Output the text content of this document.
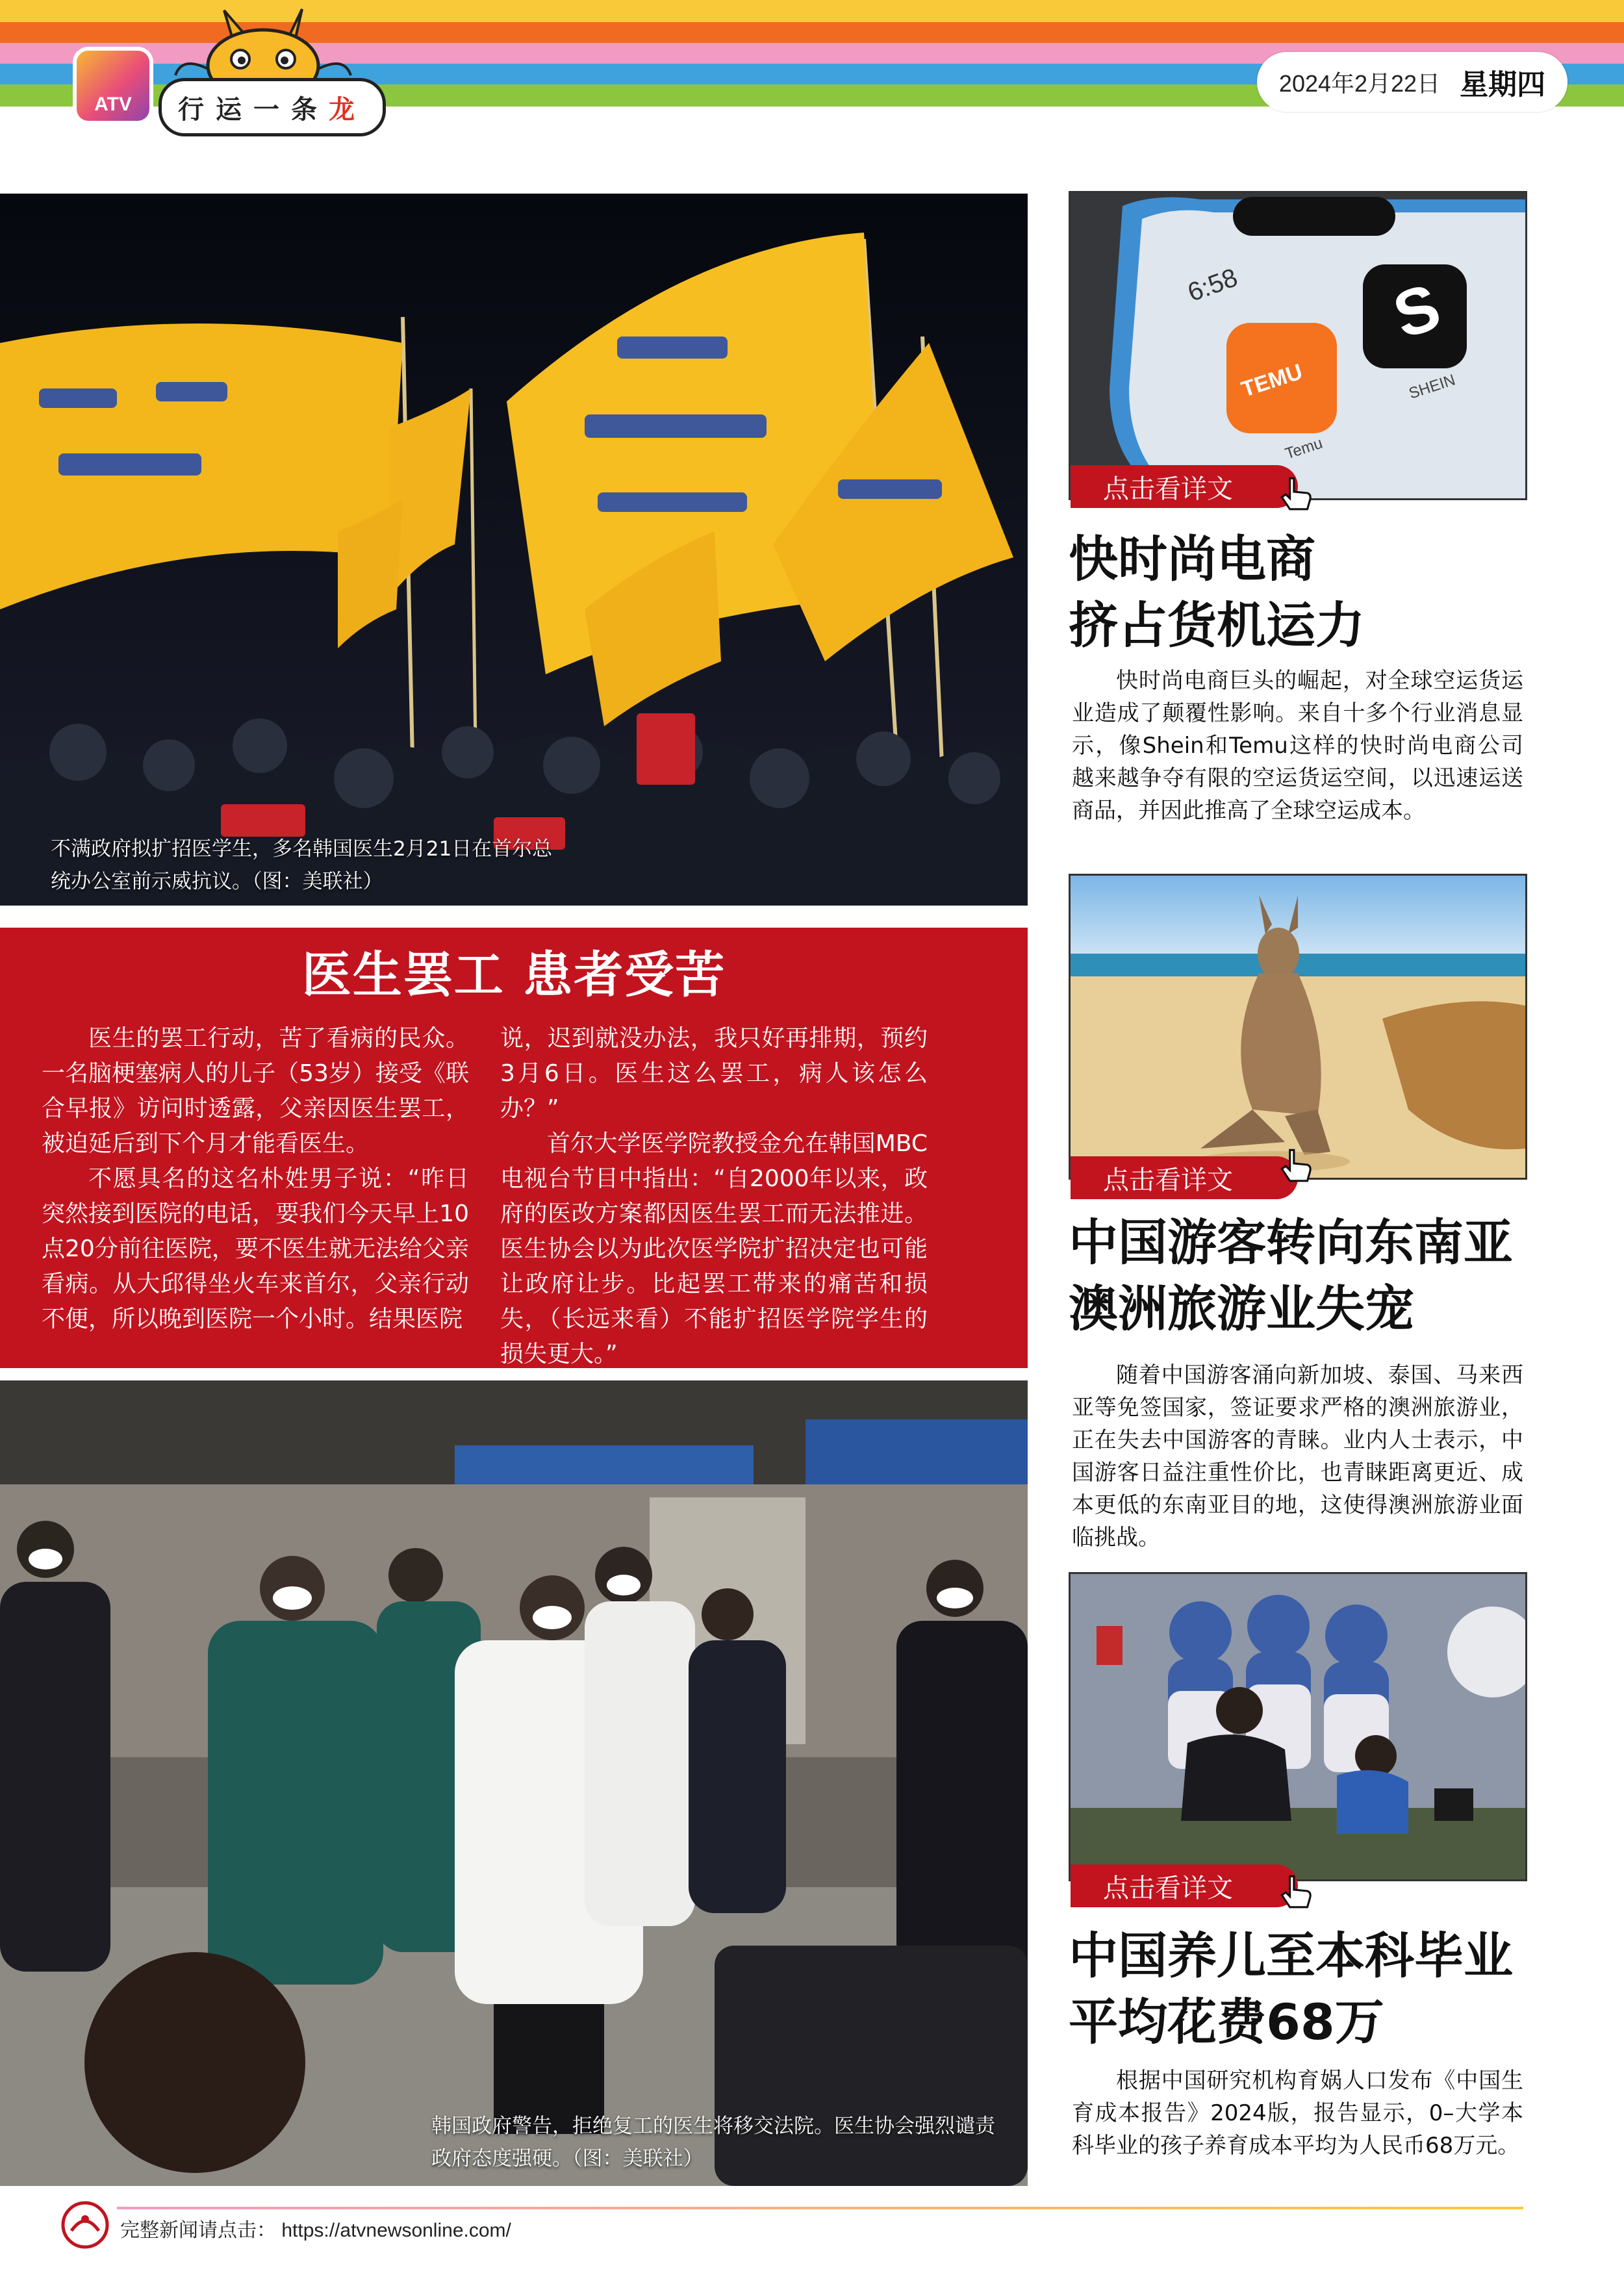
ATV	行 运 一 条 龙
2024年2月22日 星期四
不满政府拟扩招医学生，多名韩国医生2月21日在首尔总统办公室前示威抗议。（图：美联社）
医生罢工 患者受苦

医生的罢工行动，苦了看病的民众。一名脑梗塞病人的儿子（53岁）接受《联合早报》访问时透露，父亲因医生罢工，被迫延后到下个月才能看医生。

不愿具名的这名朴姓男子说：“昨日突然接到医院的电话，要我们今天早上10点20分前往医院，要不医生就无法给父亲看病。从大邱得坐火车来首尔，父亲行动不便，所以晚到医院一个小时。结果医院

说，迟到就没办法，我只好再排期，预约3月6日。医生这么罢工，病人该怎么办？”

首尔大学医学院教授金允在韩国MBC电视台节目中指出：“自2000年以来，政府的医改方案都因医生罢工而无法推进。医生协会以为此次医学院扩招决定也可能让政府让步。比起罢工带来的痛苦和损失，（长远来看）不能扩招医学院学生的损失更大。”

韩国政府警告，拒绝复工的医生将移交法院。医生协会强烈谴责政府态度强硬。（图：美联社）
6:58
TEMU
Temu
S
SHEIN
点击看详文
快时尚电商
挤占货机运力

快时尚电商巨头的崛起，对全球空运货运业造成了颠覆性影响。来自十多个行业消息显示，像Shein和Temu这样的快时尚电商公司越来越争夺有限的空运货运空间，以迅速运送商品，并因此推高了全球空运成本。

点击看详文
中国游客转向东南亚
澳洲旅游业失宠

随着中国游客涌向新加坡、泰国、马来西亚等免签国家，签证要求严格的澳洲旅游业，正在失去中国游客的青睐。业内人士表示，中国游客日益注重性价比，也青睐距离更近、成本更低的东南亚目的地，这使得澳洲旅游业面临挑战。

点击看详文
中国养儿至本科毕业
平均花费68万

根据中国研究机构育娲人口发布《中国生育成本报告》2024版，报告显示，0–大学本科毕业的孩子养育成本平均为人民币68万元。

完整新闻请点击： https://atvnewsonline.com/
